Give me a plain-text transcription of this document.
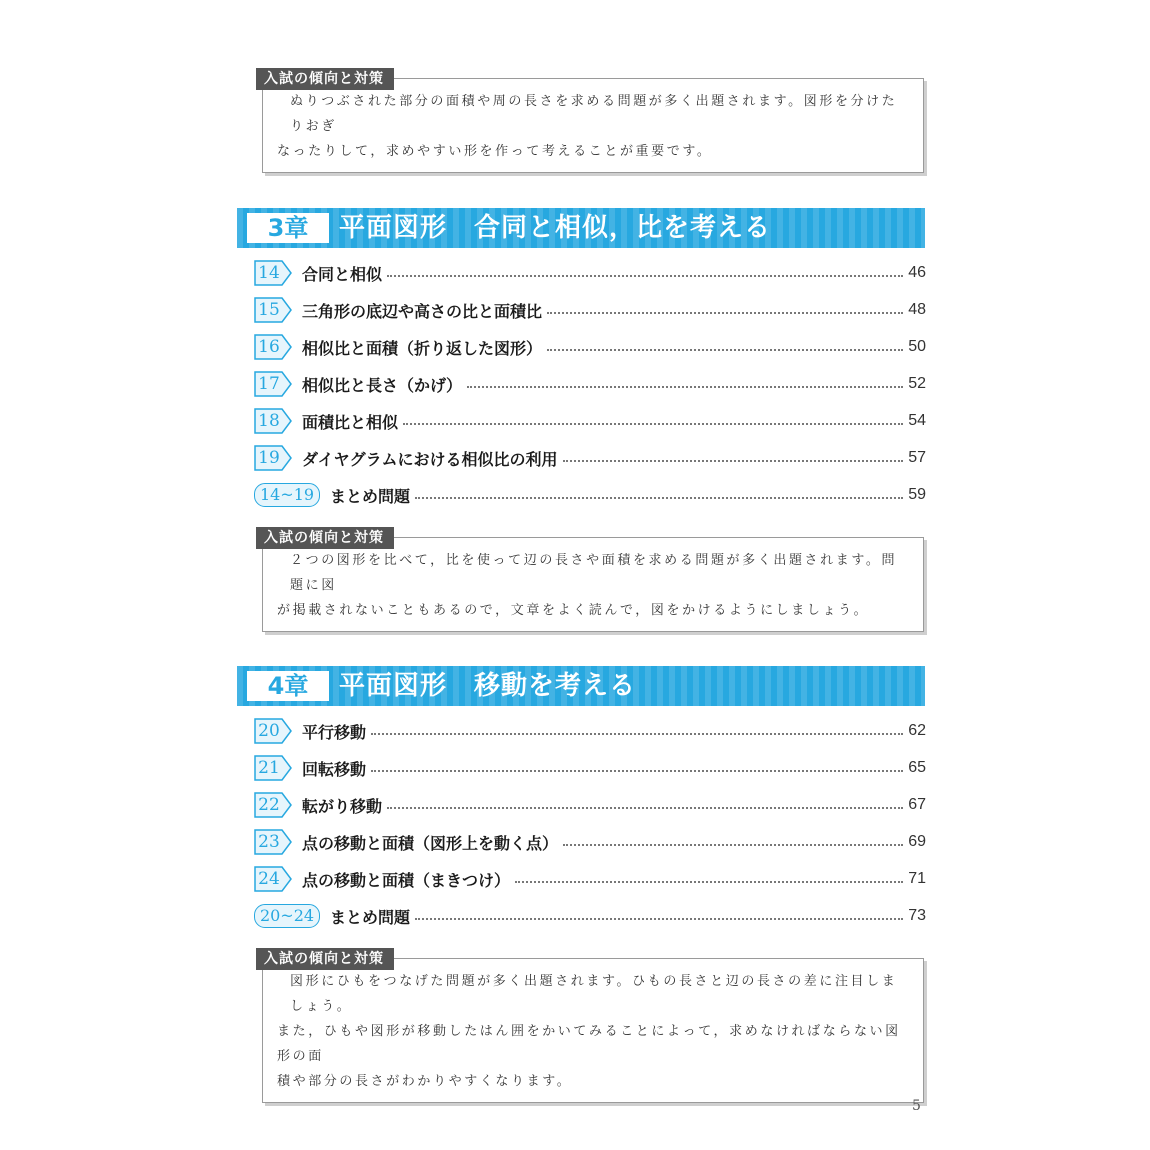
入試の傾向と対策
ぬりつぶされた部分の面積や周の長さを求める問題が多く出題されます。図形を分けたりおぎ
なったりして，求めやすい形を作って考えることが重要です。
3章	平面図形　合同と相似，比を考える
14 合同と相似	46
15 三角形の底辺や高さの比と面積比	48
16 相似比と面積（折り返した図形）	50
17 相似比と長さ（かげ）	52
18 面積比と相似	54
19 ダイヤグラムにおける相似比の利用	57
14~19 まとめ問題	59
入試の傾向と対策
２つの図形を比べて，比を使って辺の長さや面積を求める問題が多く出題されます。問題に図
が掲載されないこともあるので，文章をよく読んで，図をかけるようにしましょう。
4章	平面図形　移動を考える
20 平行移動	62
21 回転移動	65
22 転がり移動	67
23 点の移動と面積（図形上を動く点）	69
24 点の移動と面積（まきつけ）	71
20~24 まとめ問題	73
入試の傾向と対策
図形にひもをつなげた問題が多く出題されます。ひもの長さと辺の長さの差に注目しましょう。
また，ひもや図形が移動したはん囲をかいてみることによって，求めなければならない図形の面
積や部分の長さがわかりやすくなります。
5
